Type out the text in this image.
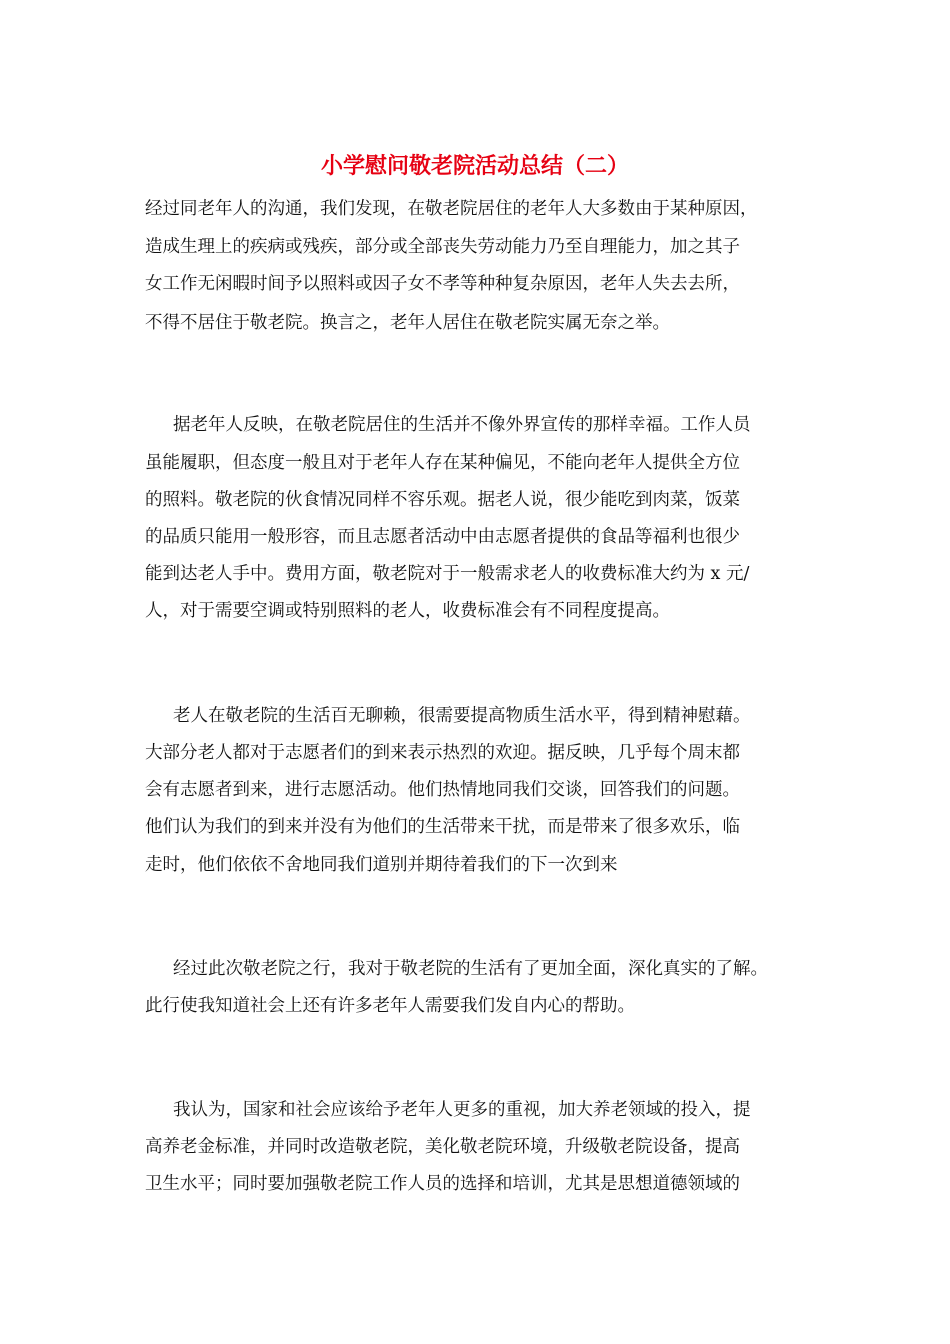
小学慰问敬老院活动总结（二）

经过同老年人的沟通，我们发现，在敬老院居住的老年人大多数由于某种原因，

造成生理上的疾病或残疾，部分或全部丧失劳动能力乃至自理能力，加之其子

女工作无闲暇时间予以照料或因子女不孝等种种复杂原因，老年人失去去所，

不得不居住于敬老院。换言之，老年人居住在敬老院实属无奈之举。

据老年人反映，在敬老院居住的生活并不像外界宣传的那样幸福。工作人员

虽能履职，但态度一般且对于老年人存在某种偏见，不能向老年人提供全方位

的照料。敬老院的伙食情况同样不容乐观。据老人说，很少能吃到肉菜，饭菜

的品质只能用一般形容，而且志愿者活动中由志愿者提供的食品等福利也很少

能到达老人手中。费用方面，敬老院对于一般需求老人的收费标准大约为 x 元/

人，对于需要空调或特别照料的老人，收费标准会有不同程度提高。

老人在敬老院的生活百无聊赖，很需要提高物质生活水平，得到精神慰藉。

大部分老人都对于志愿者们的到来表示热烈的欢迎。据反映，几乎每个周末都

会有志愿者到来，进行志愿活动。他们热情地同我们交谈，回答我们的问题。

他们认为我们的到来并没有为他们的生活带来干扰，而是带来了很多欢乐，临

走时，他们依依不舍地同我们道别并期待着我们的下一次到来

经过此次敬老院之行，我对于敬老院的生活有了更加全面，深化真实的了解。

此行使我知道社会上还有许多老年人需要我们发自内心的帮助。

我认为，国家和社会应该给予老年人更多的重视，加大养老领域的投入，提

高养老金标准，并同时改造敬老院，美化敬老院环境，升级敬老院设备，提高

卫生水平；同时要加强敬老院工作人员的选择和培训，尤其是思想道德领域的
